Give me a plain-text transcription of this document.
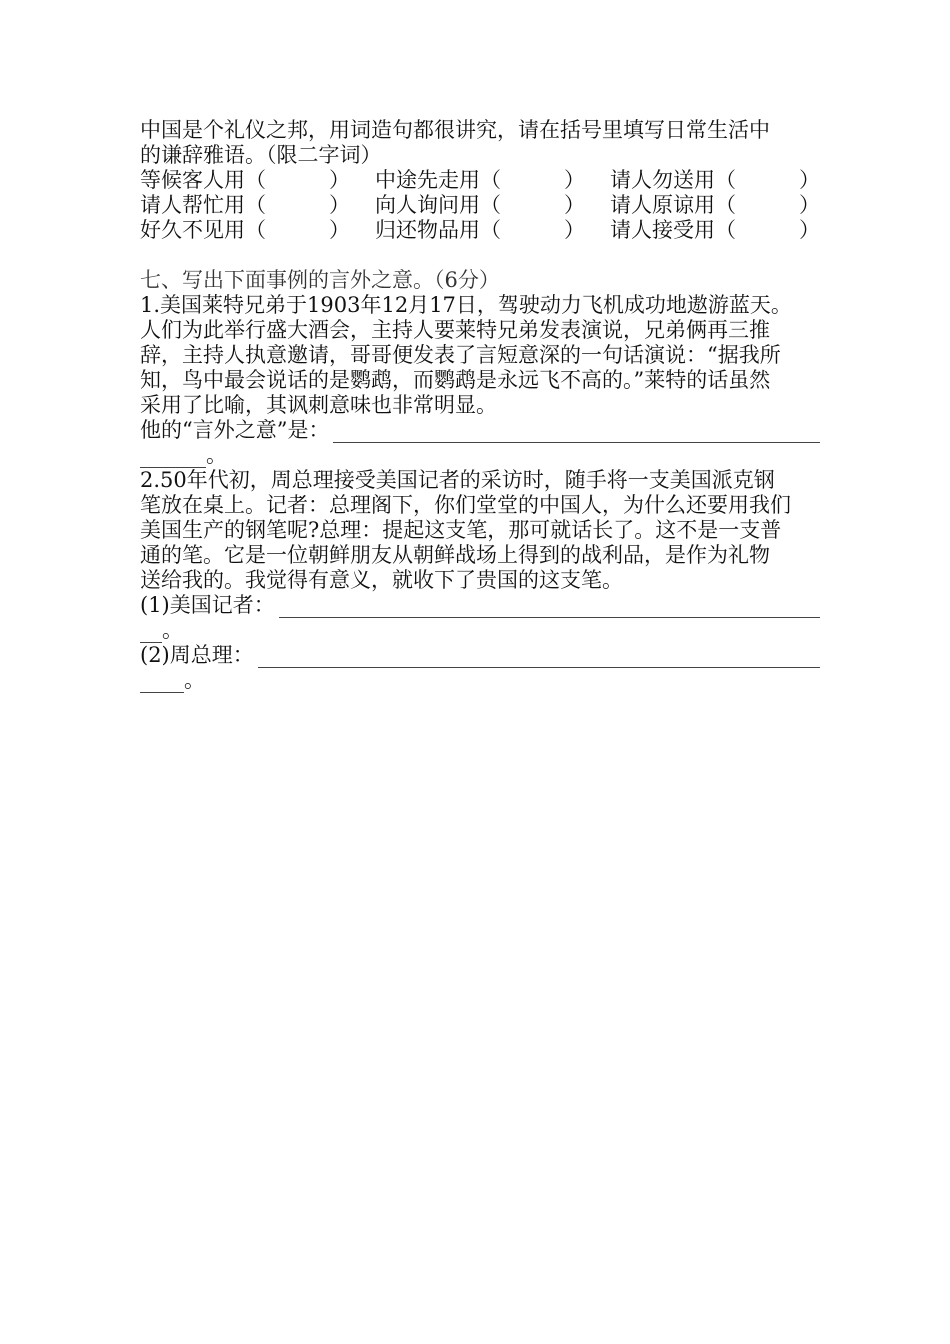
中国是个礼仪之邦，用词造句都很讲究，请在括号里填写日常生活中

的谦辞雅语。（限二字词）

等候客人用（　　　） 中途先走用（　　　） 请人勿送用（　　　）
请人帮忙用（　　　） 向人询问用（　　　） 请人原谅用（　　　）
好久不见用（　　　） 归还物品用（　　　） 请人接受用（　　　）
七、写出下面事例的言外之意。（6分）

1.美国莱特兄弟于1903年12月17日，驾驶动力飞机成功地遨游蓝天。

人们为此举行盛大酒会，主持人要莱特兄弟发表演说，兄弟俩再三推

辞，主持人执意邀请，哥哥便发表了言短意深的一句话演说：“据我所

知，鸟中最会说话的是鹦鹉，而鹦鹉是永远飞不高的。”莱特的话虽然

采用了比喻，其讽刺意味也非常明显。

他的“言外之意”是：
。

2.50年代初，周总理接受美国记者的采访时，随手将一支美国派克钢

笔放在桌上。记者：总理阁下，你们堂堂的中国人，为什么还要用我们

美国生产的钢笔呢?总理：提起这支笔，那可就话长了。这不是一支普

通的笔。它是一位朝鲜朋友从朝鲜战场上得到的战利品，是作为礼物

送给我的。我觉得有意义，就收下了贵国的这支笔。

(1)美国记者：
。
(2)周总理：
。
